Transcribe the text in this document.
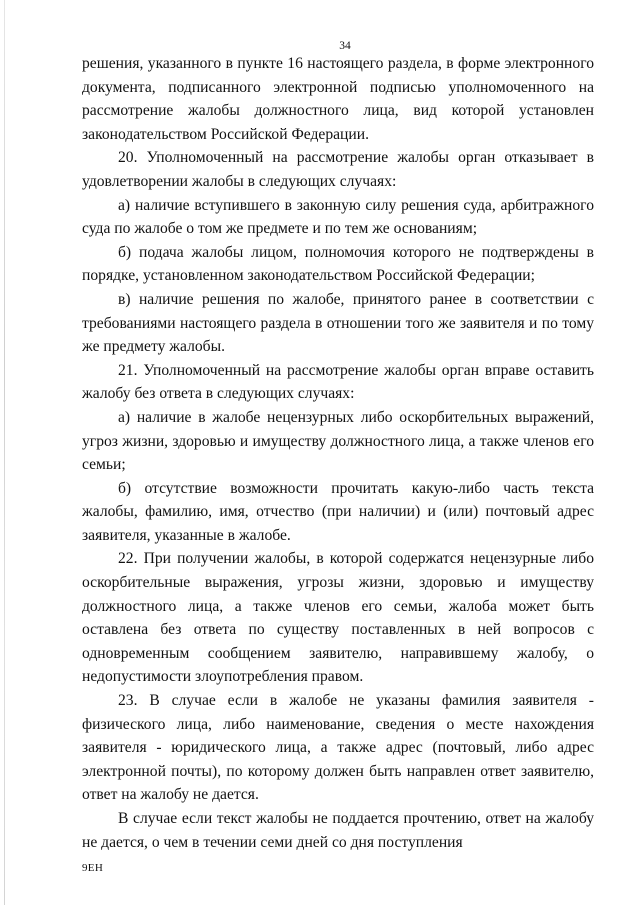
34

решения, указанного в пункте 16 настоящего раздела, в форме электронного документа, подписанного электронной подписью уполномоченного на рассмотрение жалобы должностного лица, вид которой установлен законодательством Российской Федерации.

20. Уполномоченный на рассмотрение жалобы орган отказывает в удовлетворении жалобы в следующих случаях:

а) наличие вступившего в законную силу решения суда, арбитражного суда по жалобе о том же предмете и по тем же основаниям;

б) подача жалобы лицом, полномочия которого не подтверждены в порядке, установленном законодательством Российской Федерации;

в) наличие решения по жалобе, принятого ранее в соответствии с требованиями настоящего раздела в отношении того же заявителя и по тому же предмету жалобы.

21. Уполномоченный на рассмотрение жалобы орган вправе оставить жалобу без ответа в следующих случаях:

а) наличие в жалобе нецензурных либо оскорбительных выражений, угроз жизни, здоровью и имуществу должностного лица, а также членов его семьи;

б) отсутствие возможности прочитать какую-либо часть текста жалобы, фамилию, имя, отчество (при наличии) и (или) почтовый адрес заявителя, указанные в жалобе.

22. При получении жалобы, в которой содержатся нецензурные либо оскорбительные выражения, угрозы жизни, здоровью и имуществу должностного лица, а также членов его семьи, жалоба может быть оставлена без ответа по существу поставленных в ней вопросов с одновременным сообщением заявителю, направившему жалобу, о недопустимости злоупотребления правом.

23. В случае если в жалобе не указаны фамилия заявителя - физического лица, либо наименование, сведения о месте нахождения заявителя - юридического лица, а также адрес (почтовый, либо адрес электронной почты), по которому должен быть направлен ответ заявителю, ответ на жалобу не дается.

В случае если текст жалобы не поддается прочтению, ответ на жалобу не дается, о чем в течении семи дней со дня поступления

9EH
